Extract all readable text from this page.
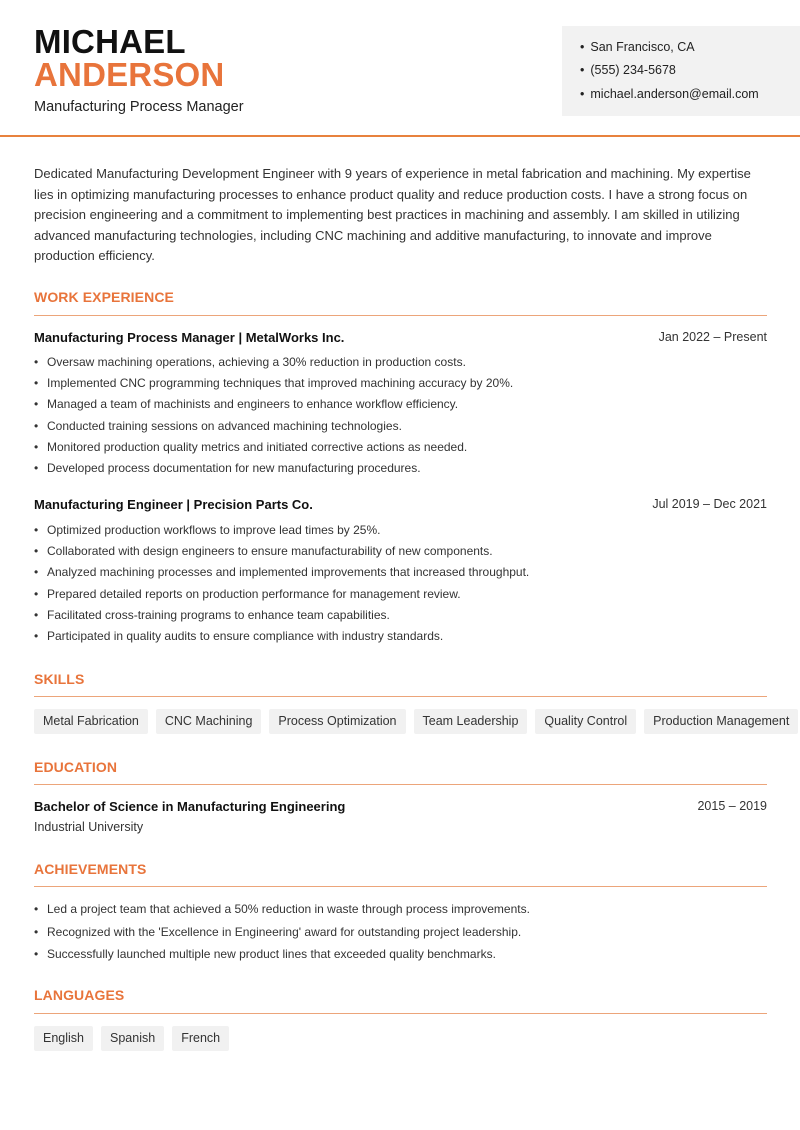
MICHAEL
ANDERSON
Manufacturing Process Manager
• San Francisco, CA
• (555) 234-5678
• michael.anderson@email.com
Dedicated Manufacturing Development Engineer with 9 years of experience in metal fabrication and machining. My expertise lies in optimizing manufacturing processes to enhance product quality and reduce production costs. I have a strong focus on precision engineering and a commitment to implementing best practices in machining and assembly. I am skilled in utilizing advanced manufacturing technologies, including CNC machining and additive manufacturing, to innovate and improve production efficiency.
WORK EXPERIENCE
Manufacturing Process Manager | MetalWorks Inc.	Jan 2022 – Present
• Oversaw machining operations, achieving a 30% reduction in production costs.
• Implemented CNC programming techniques that improved machining accuracy by 20%.
• Managed a team of machinists and engineers to enhance workflow efficiency.
• Conducted training sessions on advanced machining technologies.
• Monitored production quality metrics and initiated corrective actions as needed.
• Developed process documentation for new manufacturing procedures.
Manufacturing Engineer | Precision Parts Co.	Jul 2019 – Dec 2021
• Optimized production workflows to improve lead times by 25%.
• Collaborated with design engineers to ensure manufacturability of new components.
• Analyzed machining processes and implemented improvements that increased throughput.
• Prepared detailed reports on production performance for management review.
• Facilitated cross-training programs to enhance team capabilities.
• Participated in quality audits to ensure compliance with industry standards.
SKILLS
Metal Fabrication	CNC Machining	Process Optimization	Team Leadership	Quality Control	Production Management
EDUCATION
Bachelor of Science in Manufacturing Engineering	2015 – 2019
Industrial University
ACHIEVEMENTS
• Led a project team that achieved a 50% reduction in waste through process improvements.
• Recognized with the 'Excellence in Engineering' award for outstanding project leadership.
• Successfully launched multiple new product lines that exceeded quality benchmarks.
LANGUAGES
English	Spanish	French
